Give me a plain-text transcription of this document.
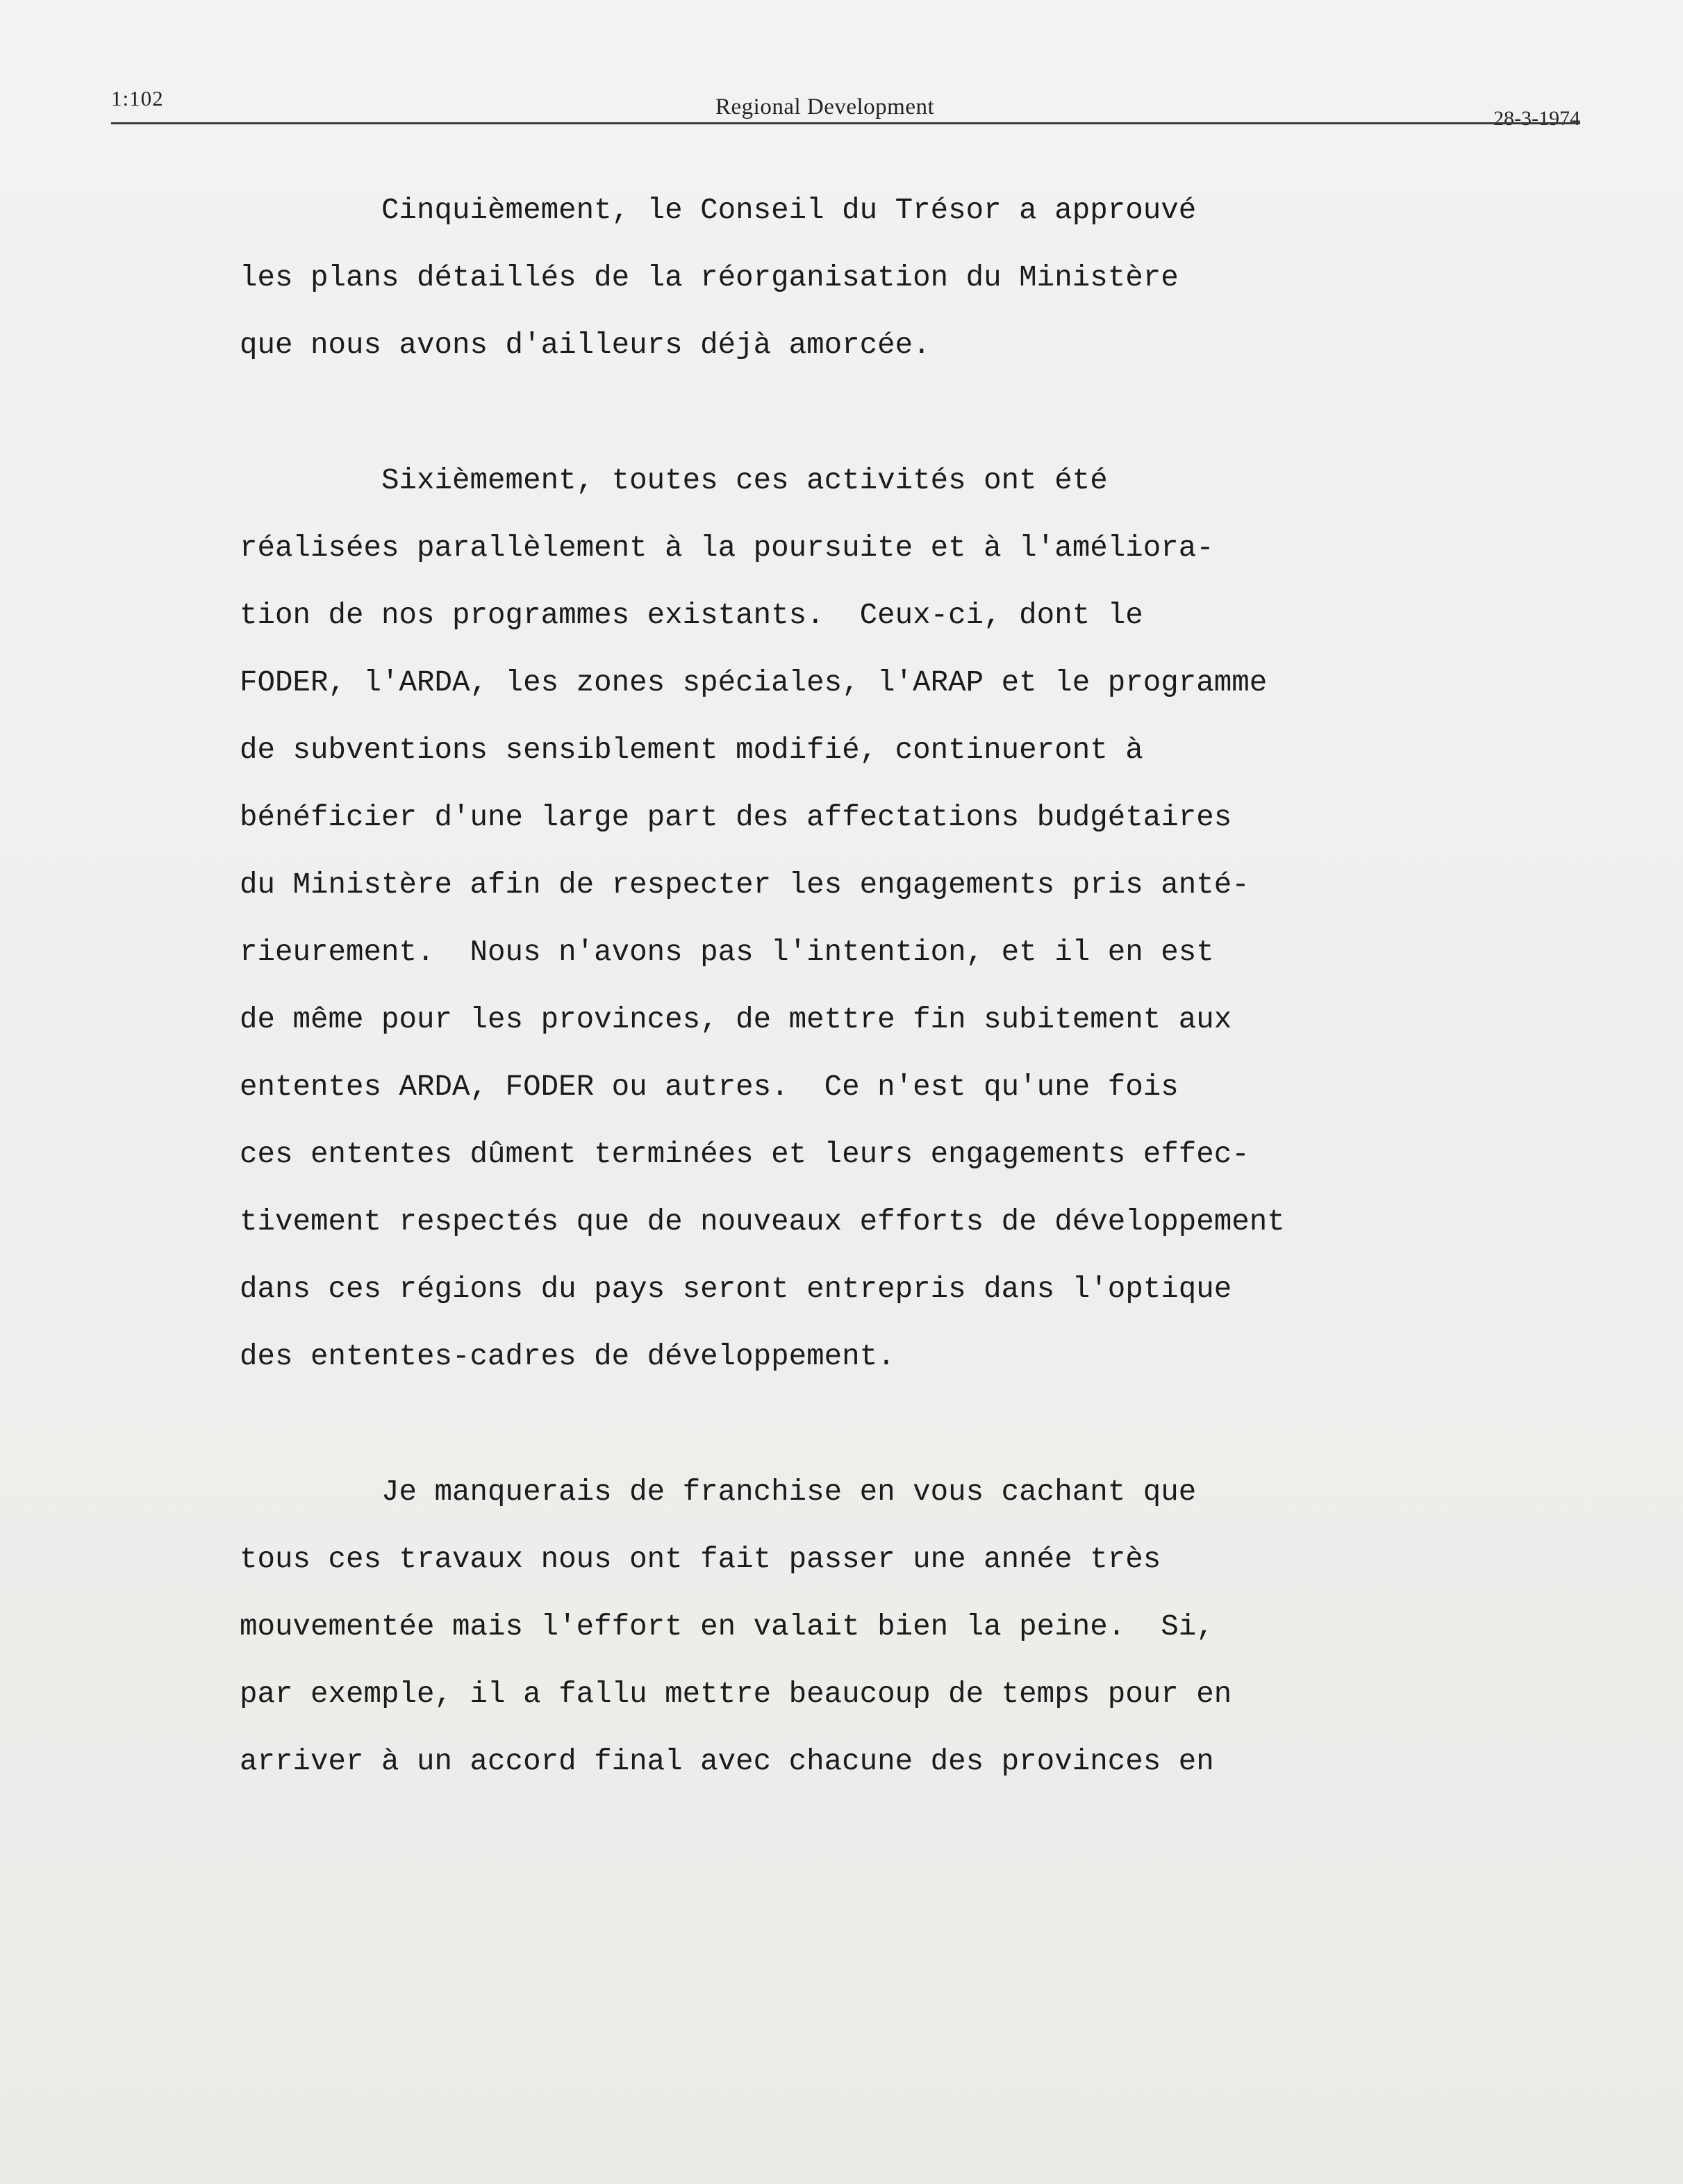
1:102	Regional Development	28-3-1974
Cinquièmement, le Conseil du Trésor a approuvé
les plans détaillés de la réorganisation du Ministère
que nous avons d'ailleurs déjà amorcée.
Sixièmement, toutes ces activités ont été
réalisées parallèlement à la poursuite et à l'améliora-
tion de nos programmes existants.  Ceux-ci, dont le
FODER, l'ARDA, les zones spéciales, l'ARAP et le programme
de subventions sensiblement modifié, continueront à
bénéficier d'une large part des affectations budgétaires
du Ministère afin de respecter les engagements pris anté-
rieurement.  Nous n'avons pas l'intention, et il en est
de même pour les provinces, de mettre fin subitement aux
ententes ARDA, FODER ou autres.  Ce n'est qu'une fois
ces ententes dûment terminées et leurs engagements effec-
tivement respectés que de nouveaux efforts de développement
dans ces régions du pays seront entrepris dans l'optique
des ententes-cadres de développement.
Je manquerais de franchise en vous cachant que
tous ces travaux nous ont fait passer une année très
mouvementée mais l'effort en valait bien la peine.  Si,
par exemple, il a fallu mettre beaucoup de temps pour en
arriver à un accord final avec chacune des provinces en
